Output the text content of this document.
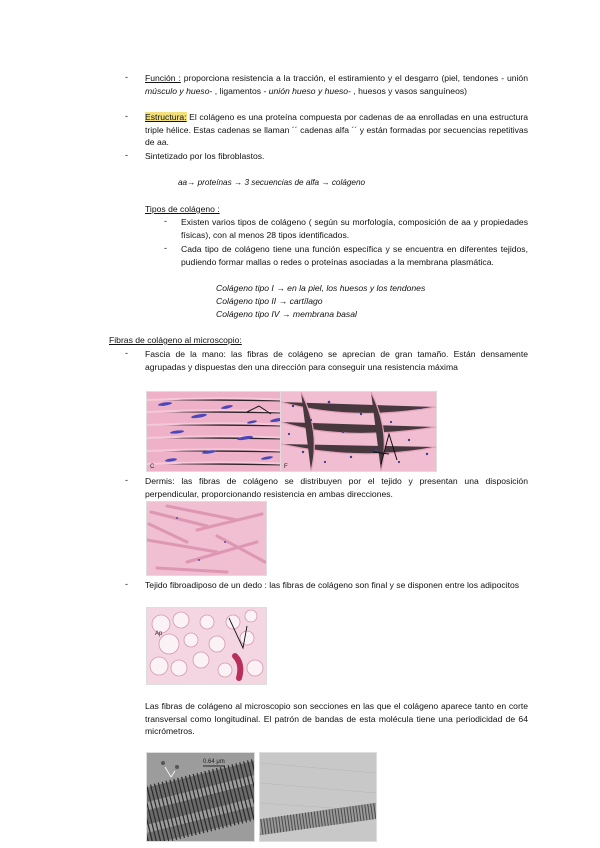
- Función : proporciona resistencia a la tracción, el estiramiento y el desgarro (piel, tendones - unión músculo y hueso- , ligamentos - unión hueso y hueso- , huesos y vasos sanguíneos)
- Estructura: El colágeno es una proteína compuesta por cadenas de aa enrolladas en una estructura triple hélice. Estas cadenas se llaman ´´ cadenas alfa ´´ y están formadas por secuencias repetitivas de aa.
- Sintetizado por los fibroblastos.
aa→ proteínas → 3 secuencias de alfa → colágeno
Tipos de colágeno :
- Existen varios tipos de colágeno ( según su morfología, composición de aa y propiedades físicas), con al menos 28 tipos identificados.
- Cada tipo de colágeno tiene una función específica y se encuentra en diferentes tejidos, pudiendo formar mallas o redes o proteínas asociadas a la membrana plasmática.
Colágeno tipo I → en la piel, los huesos y los tendones
Colágeno tipo II → cartílago
Colágeno tipo IV → membrana basal
Fibras de colágeno al microscopio:
- Fascia de la mano: las fibras de colágeno se aprecian de gran tamaño. Están densamente agrupadas y dispuestas den una dirección para conseguir una resistencia máxima
C	F
- Dermis: las fibras de colágeno se distribuyen por el tejido y presentan una disposición perpendicular, proporcionando resistencia en ambas direcciones.
- Tejido fibroadiposo de un dedo : las fibras de colágeno son final y se disponen entre los adipocitos
Ap
Las fibras de colágeno al microscopio son secciones en las que el colágeno aparece tanto en corte transversal como longitudinal. El patrón de bandas de esta molécula tiene una periodicidad de 64 micrómetros.
0.64 μm
